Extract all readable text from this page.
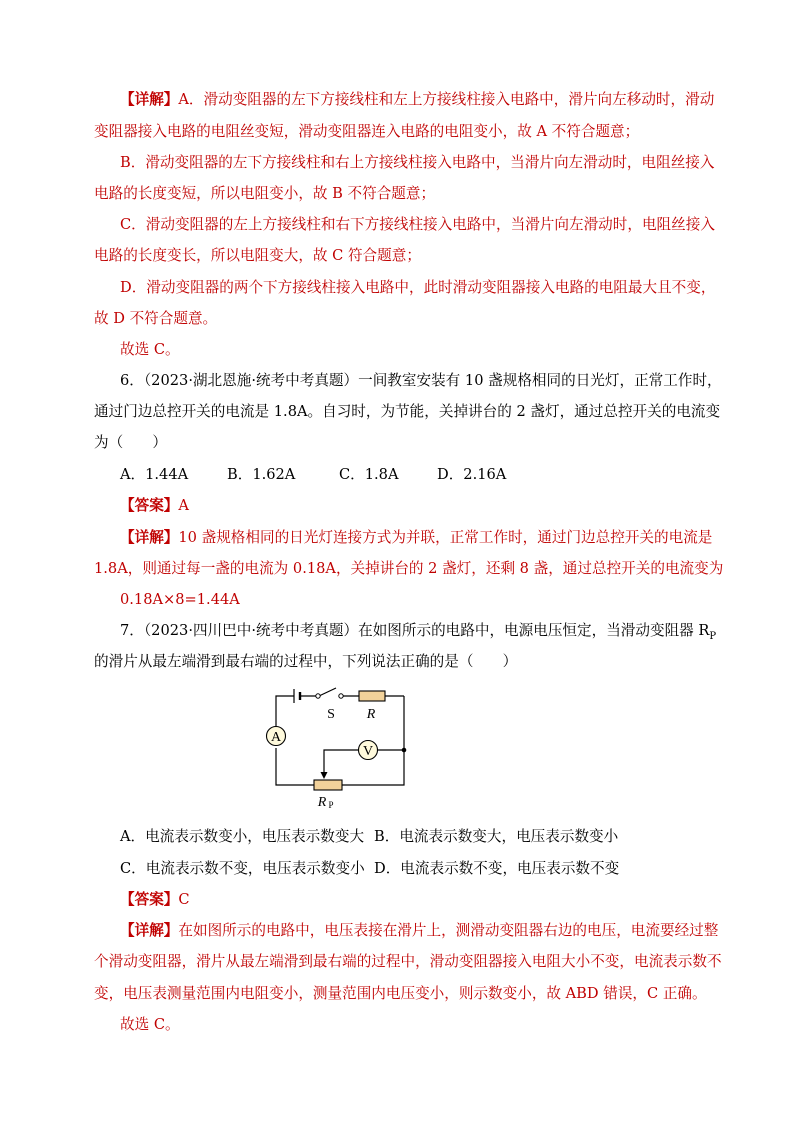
【详解】A．滑动变阻器的左下方接线柱和左上方接线柱接入电路中，滑片向左移动时，滑动
变阻器接入电路的电阻丝变短，滑动变阻器连入电路的电阻变小，故 A 不符合题意；
B．滑动变阻器的左下方接线柱和右上方接线柱接入电路中，当滑片向左滑动时，电阻丝接入
电路的长度变短，所以电阻变小，故 B 不符合题意；
C．滑动变阻器的左上方接线柱和右下方接线柱接入电路中，当滑片向左滑动时，电阻丝接入
电路的长度变长，所以电阻变大，故 C 符合题意；
D．滑动变阻器的两个下方接线柱接入电路中，此时滑动变阻器接入电路的电阻最大且不变，
故 D 不符合题意。
故选 C。
6．（2023·湖北恩施·统考中考真题）一间教室安装有 10 盏规格相同的日光灯，正常工作时，
通过门边总控开关的电流是 1.8A。自习时，为节能，关掉讲台的 2 盏灯，通过总控开关的电流变
为（　　）
A．1.44A	B．1.62A	C．1.8A	D．2.16A
【答案】A
【详解】10 盏规格相同的日光灯连接方式为并联，正常工作时，通过门边总控开关的电流是
1.8A，则通过每一盏的电流为 0.18A，关掉讲台的 2 盏灯，还剩 8 盏，通过总控开关的电流变为
0.18A×8=1.44A
7．（2023·四川巴中·统考中考真题）在如图所示的电路中，电源电压恒定，当滑动变阻器 $R_P$
的滑片从最左端滑到最右端的过程中，下列说法正确的是（　　）
A
V
S R
R P
A．电流表示数变小，电压表示数变大 B．电流表示数变大，电压表示数变小
C．电流表示数不变，电压表示数变小 D．电流表示数不变，电压表示数不变
【答案】C
【详解】在如图所示的电路中，电压表接在滑片上，测滑动变阻器右边的电压，电流要经过整
个滑动变阻器，滑片从最左端滑到最右端的过程中，滑动变阻器接入电阻大小不变，电流表示数不
变，电压表测量范围内电阻变小，测量范围内电压变小，则示数变小，故 ABD 错误，C 正确。
故选 C。
